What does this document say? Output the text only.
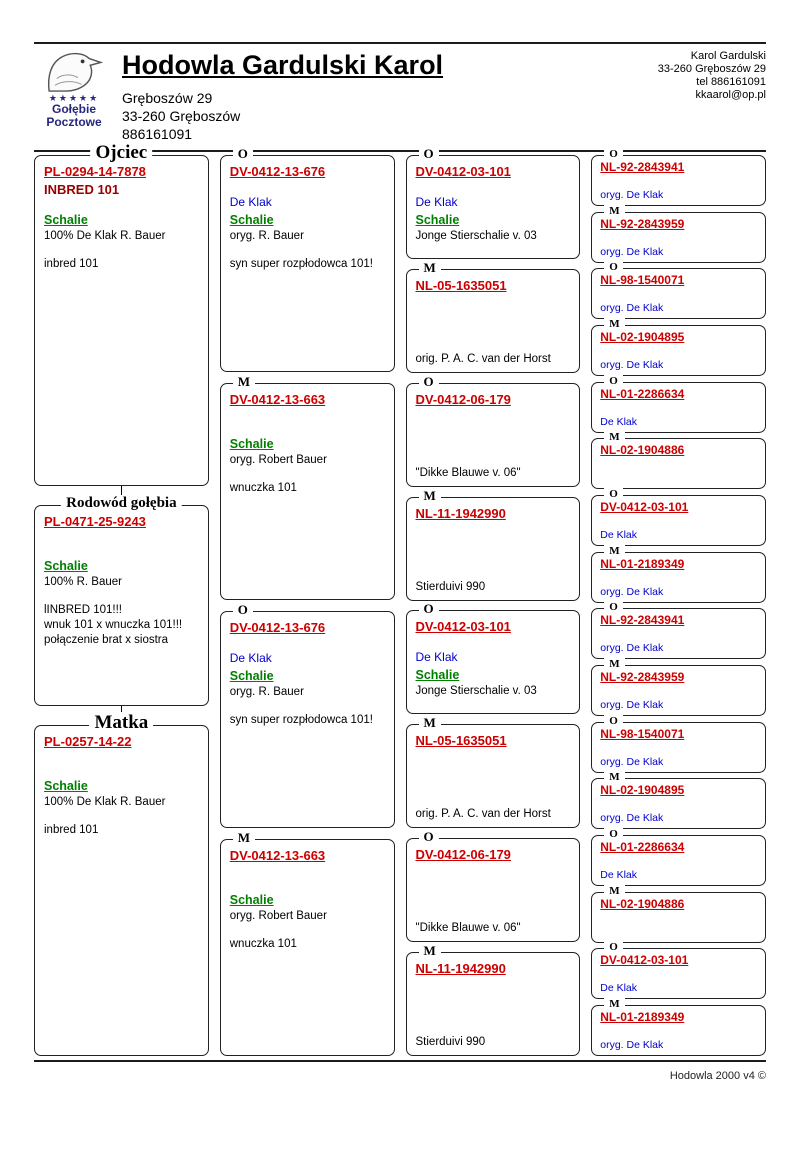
★★★★★
Gołębie
Pocztowe
Hodowla Gardulski Karol
Gręboszów 29
33-260 Gręboszów
886161091
Karol Gardulski
33-260 Gręboszów 29
tel 886161091
kkaarol@op.pl
Ojciec
PL-0294-14-7878
INBRED 101
Schalie
100% De Klak R. Bauer
inbred 101
Rodowód gołębia
PL-0471-25-9243
Schalie
100% R. Bauer
lINBRED 101!!!
wnuk 101 x wnuczka 101!!!
połączenie brat x siostra
Matka
PL-0257-14-22
Schalie
100% De Klak R. Bauer
inbred 101
O
DV-0412-13-676
De Klak
Schalie
oryg. R. Bauer
syn super rozpłodowca 101!
M
DV-0412-13-663
Schalie
oryg. Robert Bauer
wnuczka 101
O
DV-0412-13-676
De Klak
Schalie
oryg. R. Bauer
syn super rozpłodowca 101!
M
DV-0412-13-663
Schalie
oryg. Robert Bauer
wnuczka 101
O
DV-0412-03-101
De Klak
Schalie
Jonge Stierschalie v. 03
M
NL-05-1635051
orig. P. A. C. van der Horst
O
DV-0412-06-179
"Dikke Blauwe v. 06"
M
NL-11-1942990
Stierduivi 990
O
DV-0412-03-101
De Klak
Schalie
Jonge Stierschalie v. 03
M
NL-05-1635051
orig. P. A. C. van der Horst
O
DV-0412-06-179
"Dikke Blauwe v. 06"
M
NL-11-1942990
Stierduivi 990
O
NL-92-2843941
oryg. De Klak
M
NL-92-2843959
oryg. De Klak
O
NL-98-1540071
oryg. De Klak
M
NL-02-1904895
oryg. De Klak
O
NL-01-2286634
De Klak
M
NL-02-1904886
O
DV-0412-03-101
De Klak
M
NL-01-2189349
oryg. De Klak
O
NL-92-2843941
oryg. De Klak
M
NL-92-2843959
oryg. De Klak
O
NL-98-1540071
oryg. De Klak
M
NL-02-1904895
oryg. De Klak
O
NL-01-2286634
De Klak
M
NL-02-1904886
O
DV-0412-03-101
De Klak
M
NL-01-2189349
oryg. De Klak
Hodowla 2000 v4 ©
